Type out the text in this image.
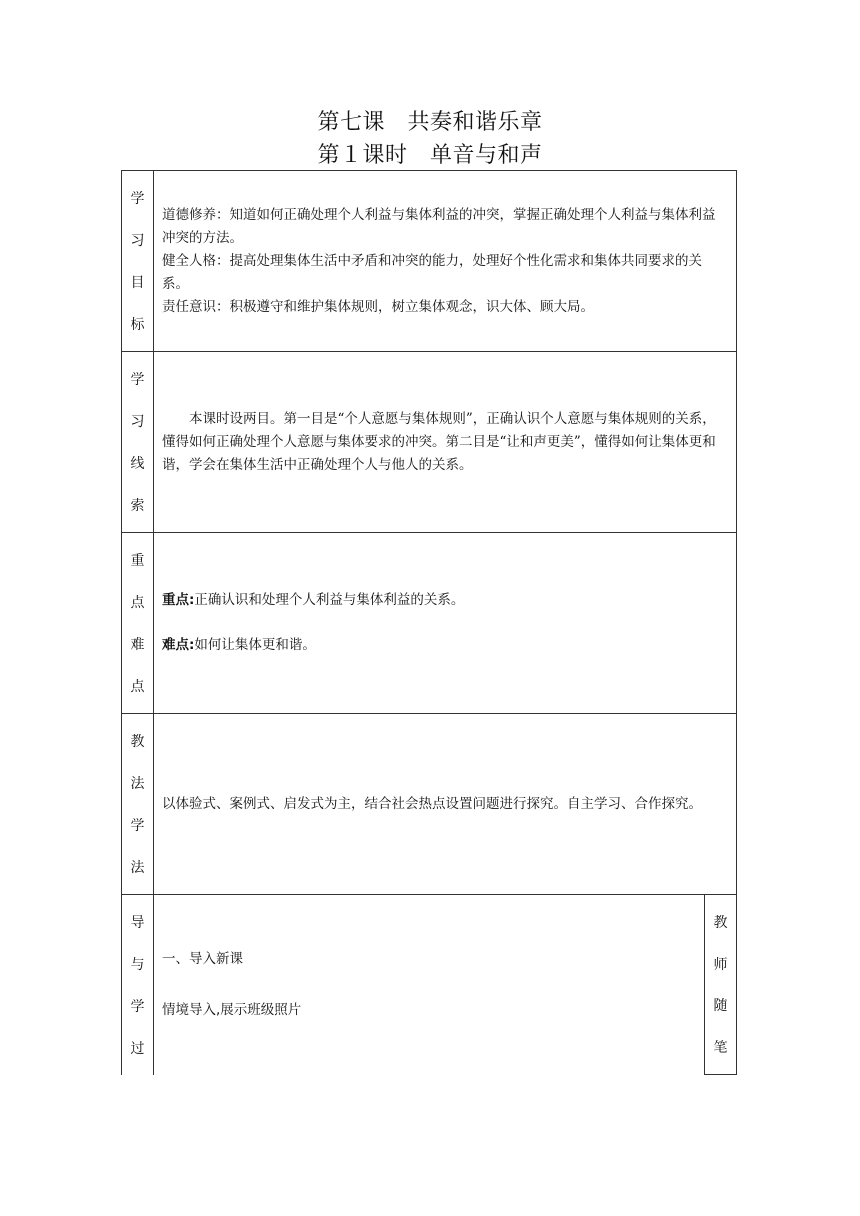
第七课　共奏和谐乐章
第１课时　单音与和声
学
习
目
标

道德修养：知道如何正确处理个人利益与集体利益的冲突，掌握正确处理个人利益与集体利益冲突的方法。

健全人格：提高处理集体生活中矛盾和冲突的能力，处理好个性化需求和集体共同要求的关系。

责任意识：积极遵守和维护集体规则，树立集体观念，识大体、顾大局。

学
习
线
索

本课时设两目。第一目是“个人意愿与集体规则”，正确认识个人意愿与集体规则的关系，懂得如何正确处理个人意愿与集体要求的冲突。第二目是“让和声更美”，懂得如何让集体更和谐，学会在集体生活中正确处理个人与他人的关系。

重
点
难
点

重点:正确认识和处理个人利益与集体利益的关系。

难点:如何让集体更和谐。

教
法
学
法

以体验式、案例式、启发式为主，结合社会热点设置问题进行探究。自主学习、合作探究。

导
与
学
过

一、导入新课

情境导入,展示班级照片

教
师
随
笔
